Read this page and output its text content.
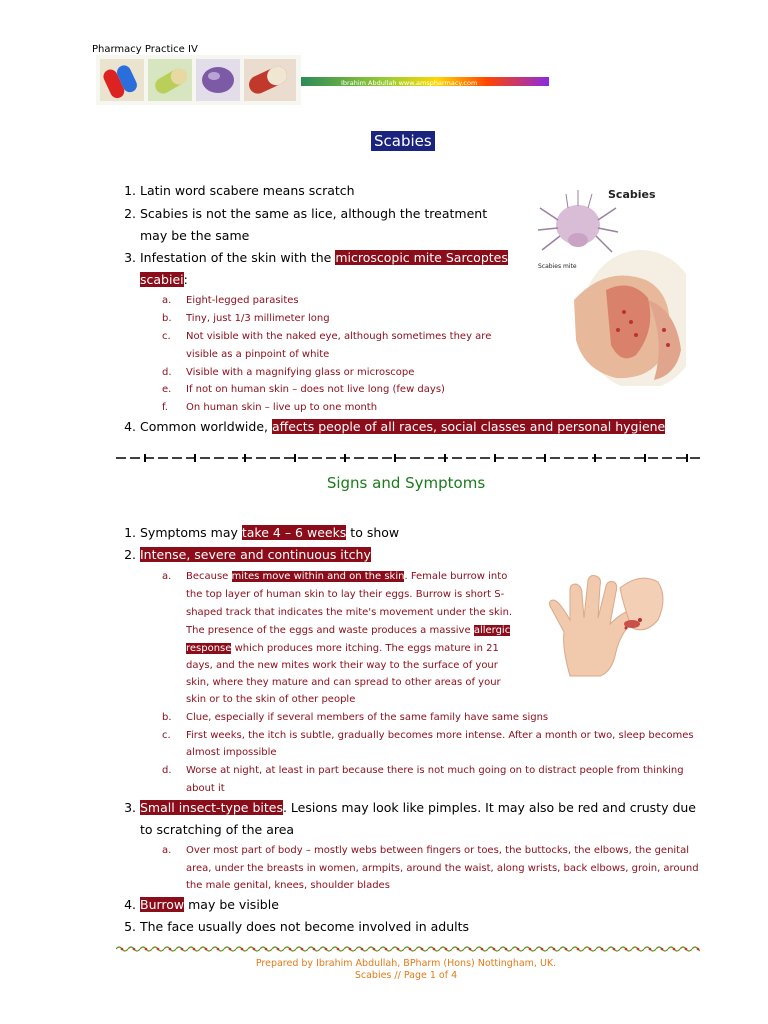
Pharmacy Practice IV
Ibrahim Abdullah www.amspharmacy.com
Scabies
1. Latin word scabere means scratch
2. Scabies is not the same as lice, although the treatment
may be the same
3. Infestation of the skin with the microscopic mite Sarcoptes
scabiei:
a. Eight-legged parasites
b. Tiny, just 1/3 millimeter long
c. Not visible with the naked eye, although sometimes they are
visible as a pinpoint of white
d. Visible with a magnifying glass or microscope
e. If not on human skin – does not live long (few days)
f. On human skin – live up to one month
4. Common worldwide, affects people of all races, social classes and personal hygiene
Scabies
Scabies mite
Signs and Symptoms
1. Symptoms may take 4 – 6 weeks to show
2. Intense, severe and continuous itchy
a. Because mites move within and on the skin. Female burrow into
the top layer of human skin to lay their eggs. Burrow is short S-
shaped track that indicates the mite's movement under the skin.
The presence of the eggs and waste produces a massive allergic
response which produces more itching. The eggs mature in 21
days, and the new mites work their way to the surface of your
skin, where they mature and can spread to other areas of your
skin or to the skin of other people
b. Clue, especially if several members of the same family have same signs
c. First weeks, the itch is subtle, gradually becomes more intense. After a month or two, sleep becomes
almost impossible
d. Worse at night, at least in part because there is not much going on to distract people from thinking
about it
3. Small insect-type bites. Lesions may look like pimples. It may also be red and crusty due
to scratching of the area
a. Over most part of body – mostly webs between fingers or toes, the buttocks, the elbows, the genital
area, under the breasts in women, armpits, around the waist, along wrists, back elbows, groin, around
the male genital, knees, shoulder blades
4. Burrow may be visible
5. The face usually does not become involved in adults
Prepared by Ibrahim Abdullah, BPharm (Hons) Nottingham, UK.
Scabies // Page 1 of 4
